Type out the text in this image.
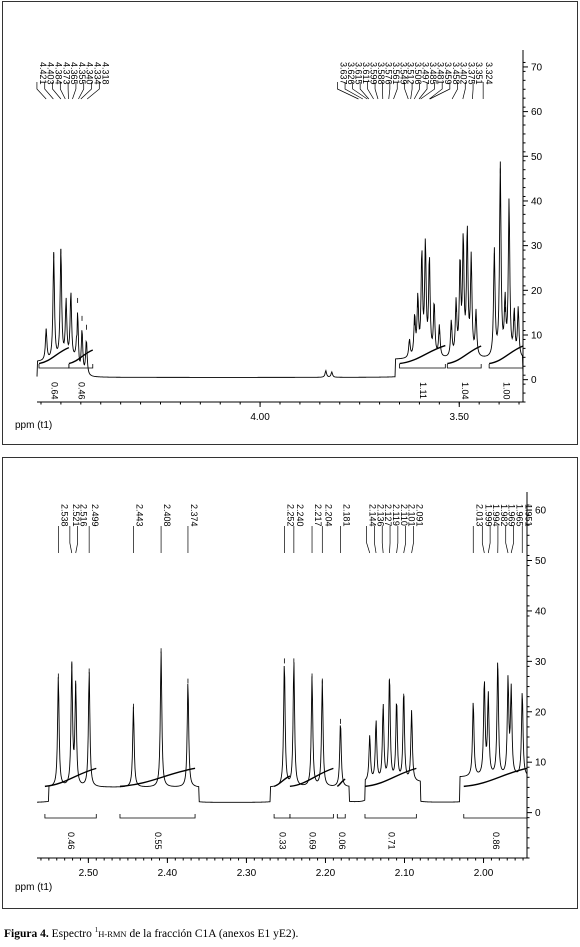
0
10
20
30
40
50
60
70
4.00	3.50
ppm (t1)
0.64 0.46	1.11	1.04	1.00
4.421
4.403
4.384
4.373
4.365
4.355
4.340
4.334
4.318	3.637
3.626
3.615
3.611
3.599
3.588
3.576
3.561
3.549
3.512
3.506
3.497
3.485
3.481
3.459
3.458
3.402
3.375
3.351 3.324
0
10
20
30
40
50
60
2.50	2.40	2.30	2.20	2.10	2.00
ppm (t1)
0.46	0.55	0.33 0.69 0.06	0.71	0.86
2.538 2.521
2.516 2.499	2.443 2.408 2.374	2.252 2.240 2.217 2.204 2.181 2.144
2.136
2.127
2.119
2.110
2.101
2.091	2.013 1.999
1.994
1.982
1.969
1.965
1.951
Figura 4. Espectro $^1$H-RMN de la fracción C1A (anexos E1 yE2).
